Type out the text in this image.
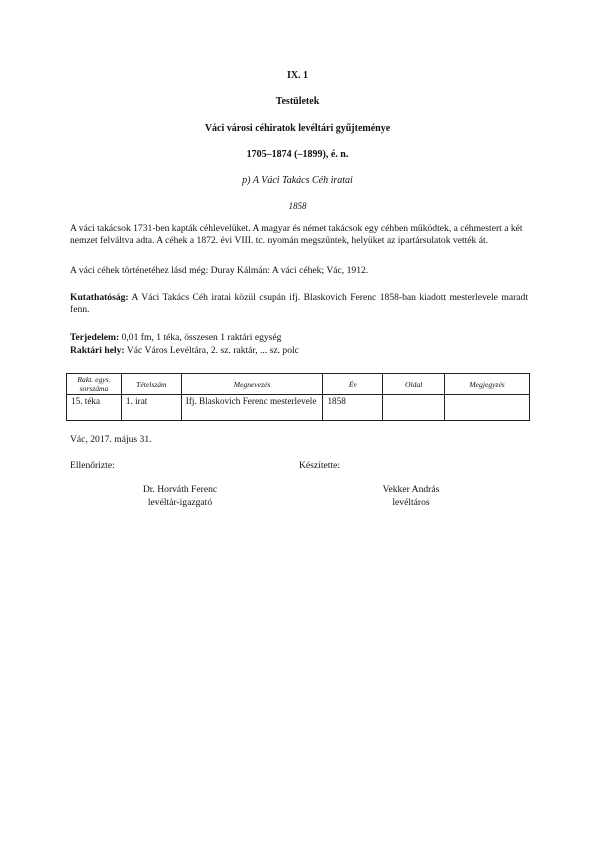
IX. 1
Testületek
Váci városi céhiratok levéltári gyűjteménye
1705–1874 (–1899), é. n.
p) A Váci Takács Céh iratai
1858
A váci takácsok 1731-ben kapták céhlevelüket. A magyar és német takácsok egy céhben működtek, a céhmestert a két nemzet felváltva adta. A céhek a 1872. évi VIII. tc. nyomán megszűntek, helyüket az ipartársulatok vették át.
A váci céhek történetéhez lásd még: Duray Kálmán: A váci céhek; Vác, 1912.
Kutathatóság: A Váci Takács Céh iratai közül csupán ifj. Blaskovich Ferenc 1858-ban kiadott mesterlevele maradt fenn.
Terjedelem: 0,01 fm, 1 téka, összesen 1 raktári egység
Raktári hely: Vác Város Levéltára, 2. sz. raktár, ... sz. polc
Rakt. egys. sorszáma	Tételszám	Megnevezés	Év	Oldal	Megjegyzés
15. téka	1. irat	Ifj. Blaskovich Ferenc mesterlevele	1858		
Vác, 2017. május 31.
Ellenőrizte:	Készítette:
Dr. Horváth Ferenc
levéltár-igazgató
Vekker András
levéltáros
